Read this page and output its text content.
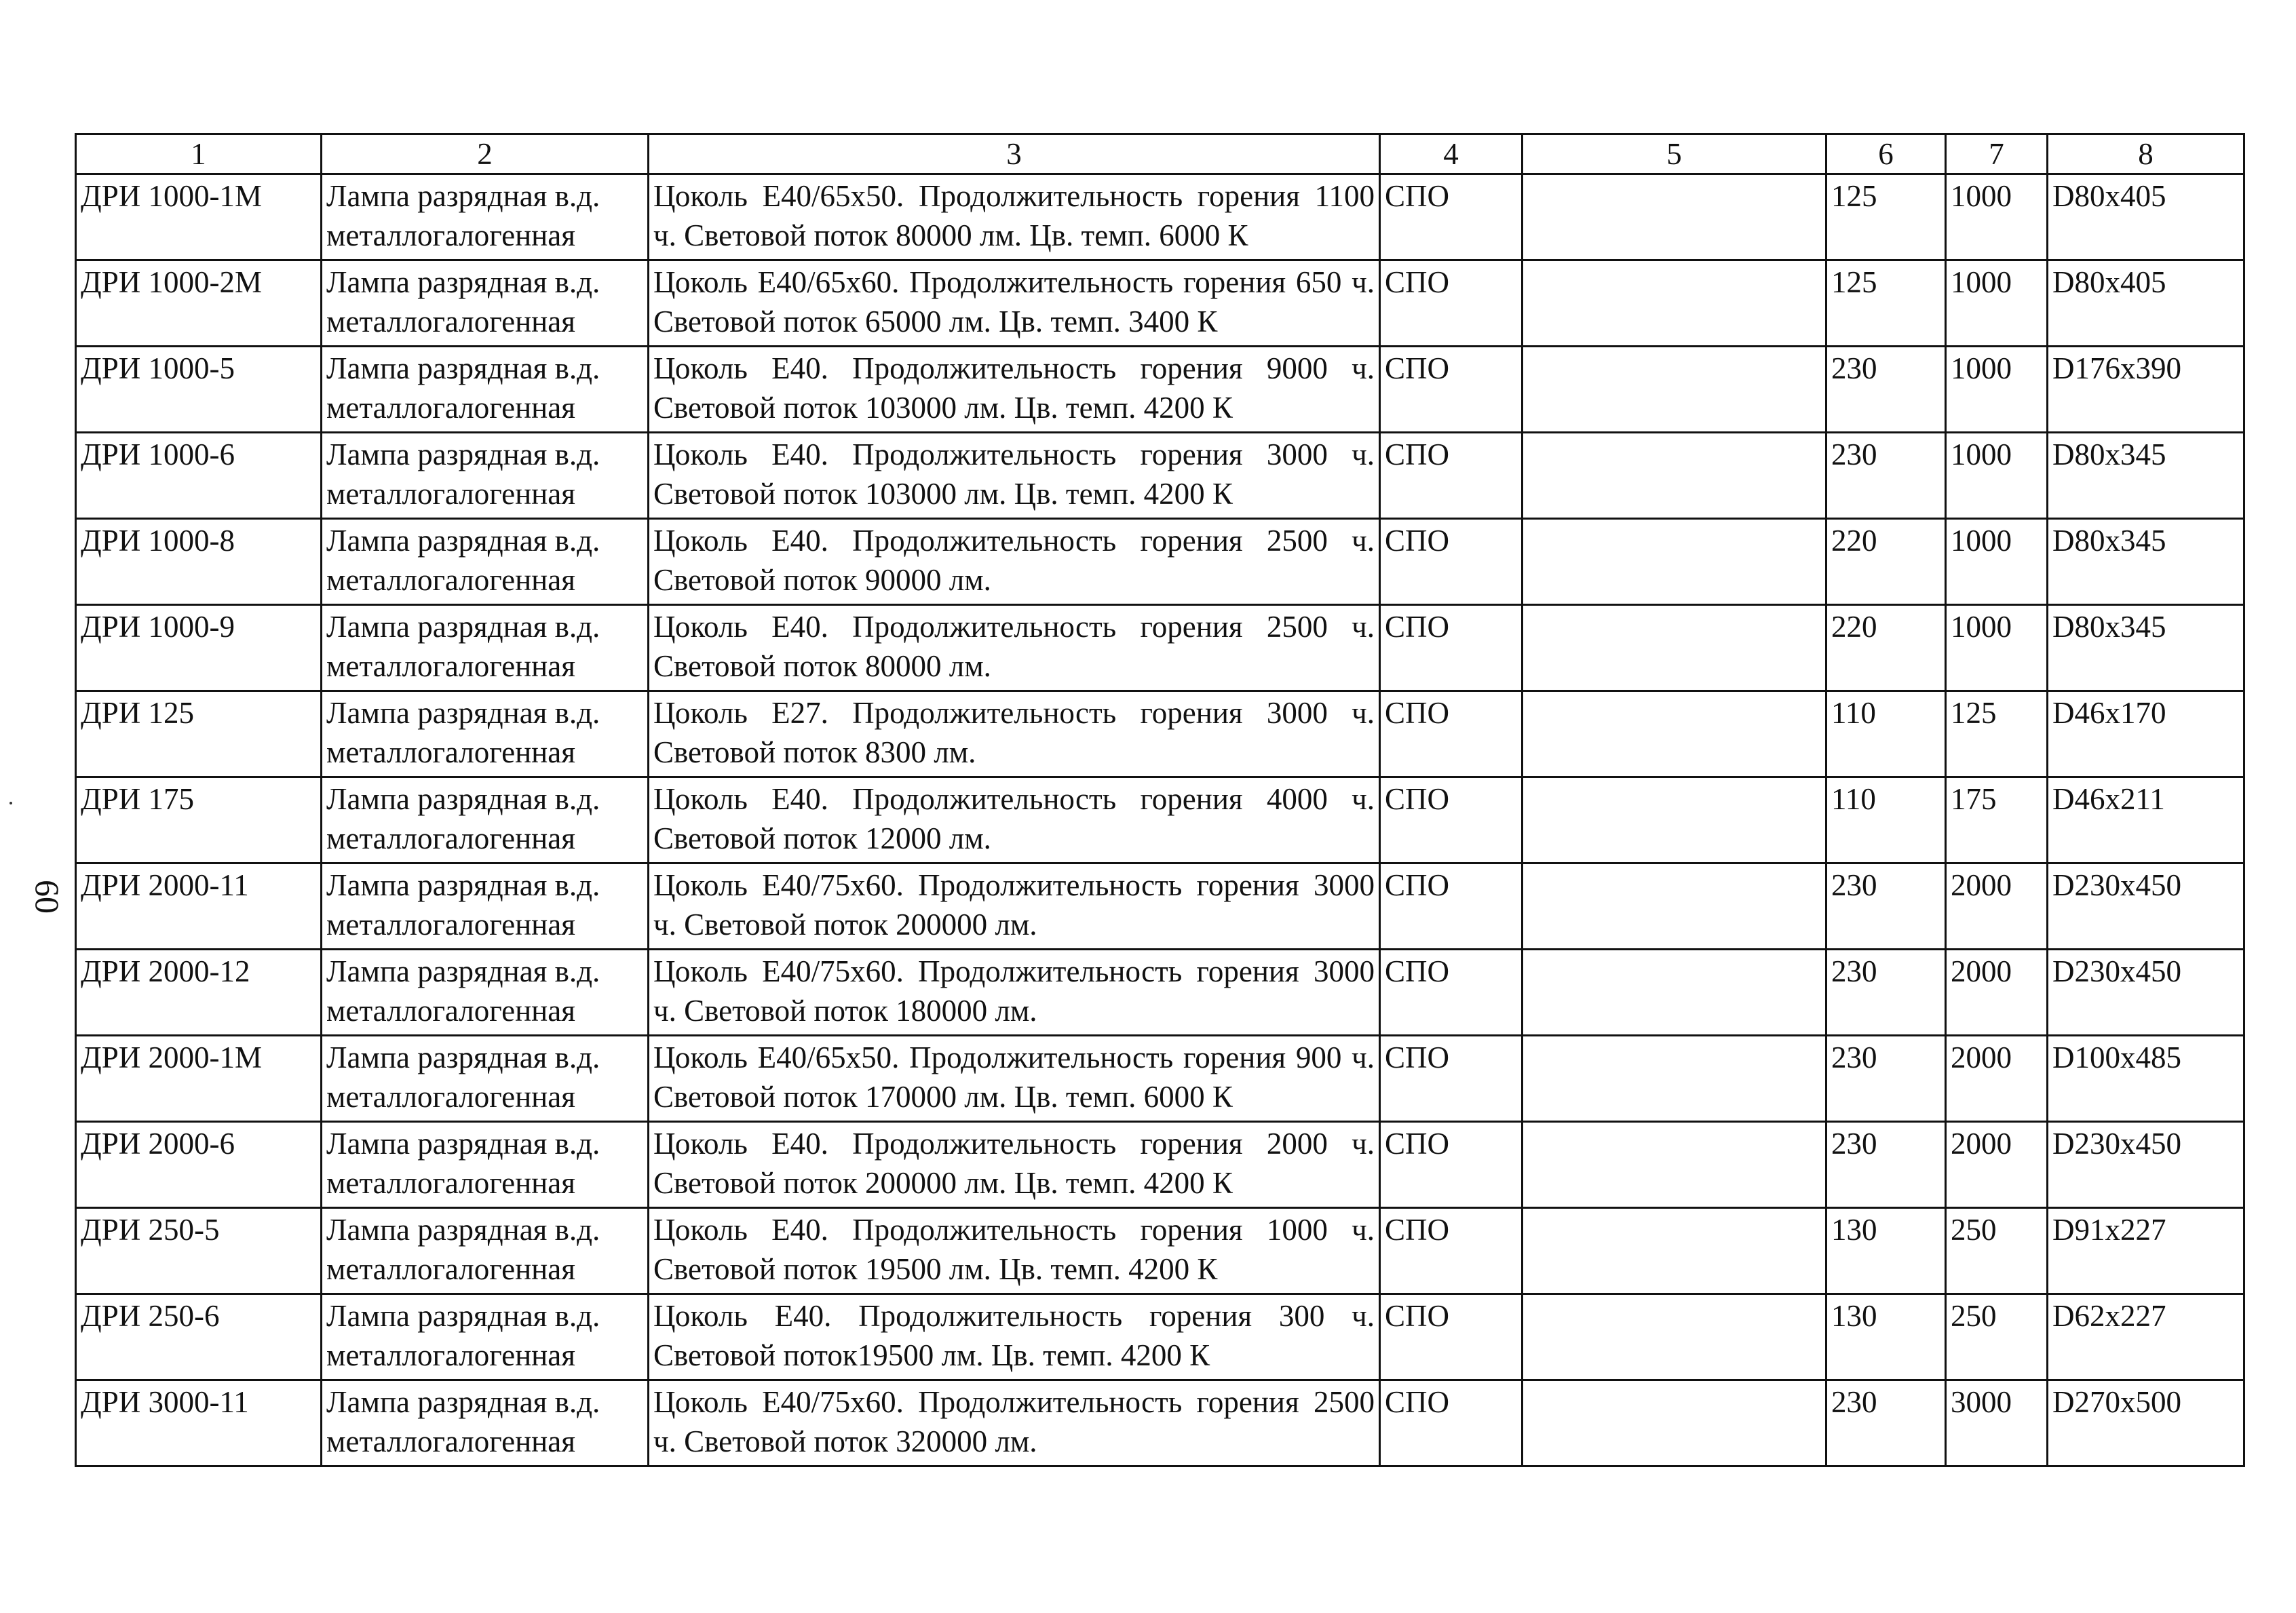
60
1	2	3	4	5	6	7	8
ДРИ 1000-1М	Лампа разрядная в.д. металлогалогенная	Цоколь Е40/65x50. Продолжительность горения 1100 ч. Световой поток 80000 лм. Цв. темп. 6000 К	СПО		125	1000	D80x405
ДРИ 1000-2М	Лампа разрядная в.д. металлогалогенная	Цоколь Е40/65x60. Продолжительность горения 650 ч. Световой поток 65000 лм. Цв. темп. 3400 К	СПО		125	1000	D80x405
ДРИ 1000-5	Лампа разрядная в.д. металлогалогенная	Цоколь Е40. Продолжительность горения 9000 ч. Световой поток 103000 лм. Цв. темп. 4200 К	СПО		230	1000	D176x390
ДРИ 1000-6	Лампа разрядная в.д. металлогалогенная	Цоколь Е40. Продолжительность горения 3000 ч. Световой поток 103000 лм. Цв. темп. 4200 К	СПО		230	1000	D80x345
ДРИ 1000-8	Лампа разрядная в.д. металлогалогенная	Цоколь Е40. Продолжительность горения 2500 ч. Световой поток 90000 лм.	СПО		220	1000	D80x345
ДРИ 1000-9	Лампа разрядная в.д. металлогалогенная	Цоколь Е40. Продолжительность горения 2500 ч. Световой поток 80000 лм.	СПО		220	1000	D80x345
ДРИ 125	Лампа разрядная в.д. металлогалогенная	Цоколь Е27. Продолжительность горения 3000 ч. Световой поток 8300 лм.	СПО		110	125	D46x170
ДРИ 175	Лампа разрядная в.д. металлогалогенная	Цоколь Е40. Продолжительность горения 4000 ч. Световой поток 12000 лм.	СПО		110	175	D46x211
ДРИ 2000-11	Лампа разрядная в.д. металлогалогенная	Цоколь Е40/75x60. Продолжительность горения 3000 ч. Световой поток 200000 лм.	СПО		230	2000	D230x450
ДРИ 2000-12	Лампа разрядная в.д. металлогалогенная	Цоколь Е40/75x60. Продолжительность горения 3000 ч. Световой поток 180000 лм.	СПО		230	2000	D230x450
ДРИ 2000-1М	Лампа разрядная в.д. металлогалогенная	Цоколь Е40/65x50. Продолжительность горения 900 ч. Световой поток 170000 лм. Цв. темп. 6000 К	СПО		230	2000	D100x485
ДРИ 2000-6	Лампа разрядная в.д. металлогалогенная	Цоколь Е40. Продолжительность горения 2000 ч. Световой поток 200000 лм. Цв. темп. 4200 К	СПО		230	2000	D230x450
ДРИ 250-5	Лампа разрядная в.д. металлогалогенная	Цоколь Е40. Продолжительность горения 1000 ч. Световой поток 19500 лм. Цв. темп. 4200 К	СПО		130	250	D91x227
ДРИ 250-6	Лампа разрядная в.д. металлогалогенная	Цоколь Е40. Продолжительность горения 300 ч. Световой поток19500 лм. Цв. темп. 4200 К	СПО		130	250	D62x227
ДРИ 3000-11	Лампа разрядная в.д. металлогалогенная	Цоколь Е40/75x60. Продолжительность горения 2500 ч. Световой поток 320000 лм.	СПО		230	3000	D270x500
